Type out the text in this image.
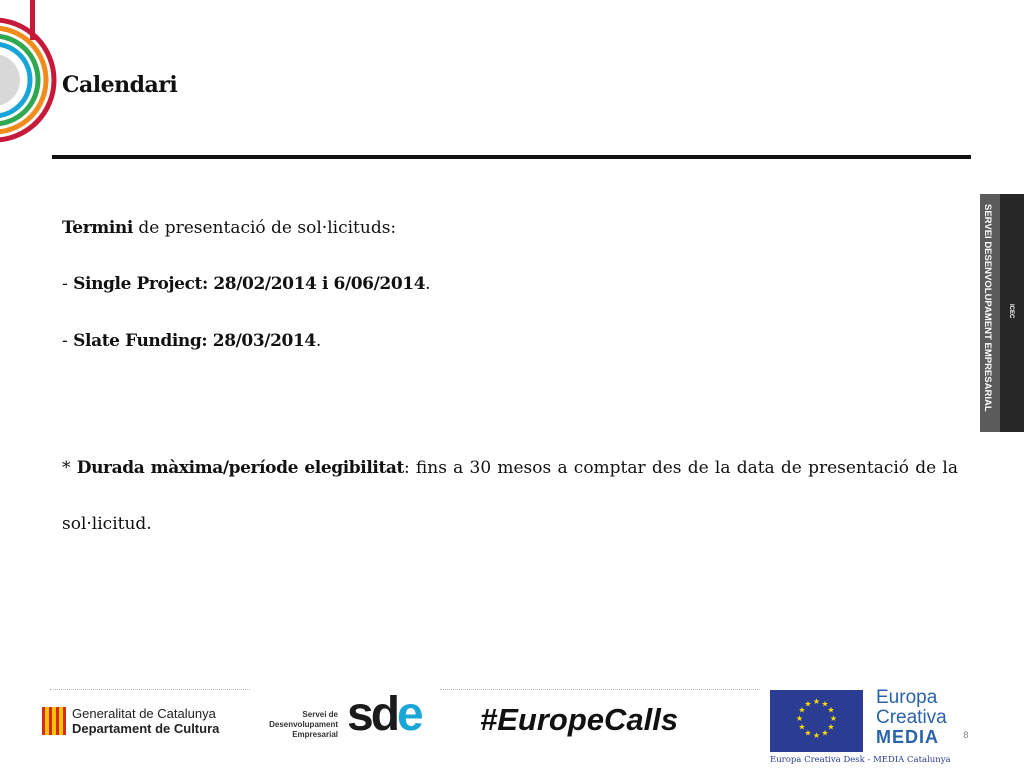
Calendari
Termini de presentació de sol·licituds:
- Single Project: 28/02/2014 i 6/06/2014.
- Slate Funding: 28/03/2014.
* Durada màxima/període elegibilitat: fins a 30 mesos a comptar des de la data de presentació de la sol·licitud.
SERVEI DESENVOLUPAMENT EMPRESARIAL	ICEC
Generalitat de Catalunya
Departament de Cultura
Servei de
Desenvolupament
Empresarial sde #EuropeCalls
★ ★
★
★
★
★
★
★
★
★
★
★	Europa
Creativa
MEDIA
Europa Creativa Desk - MEDIA Catalunya
8
